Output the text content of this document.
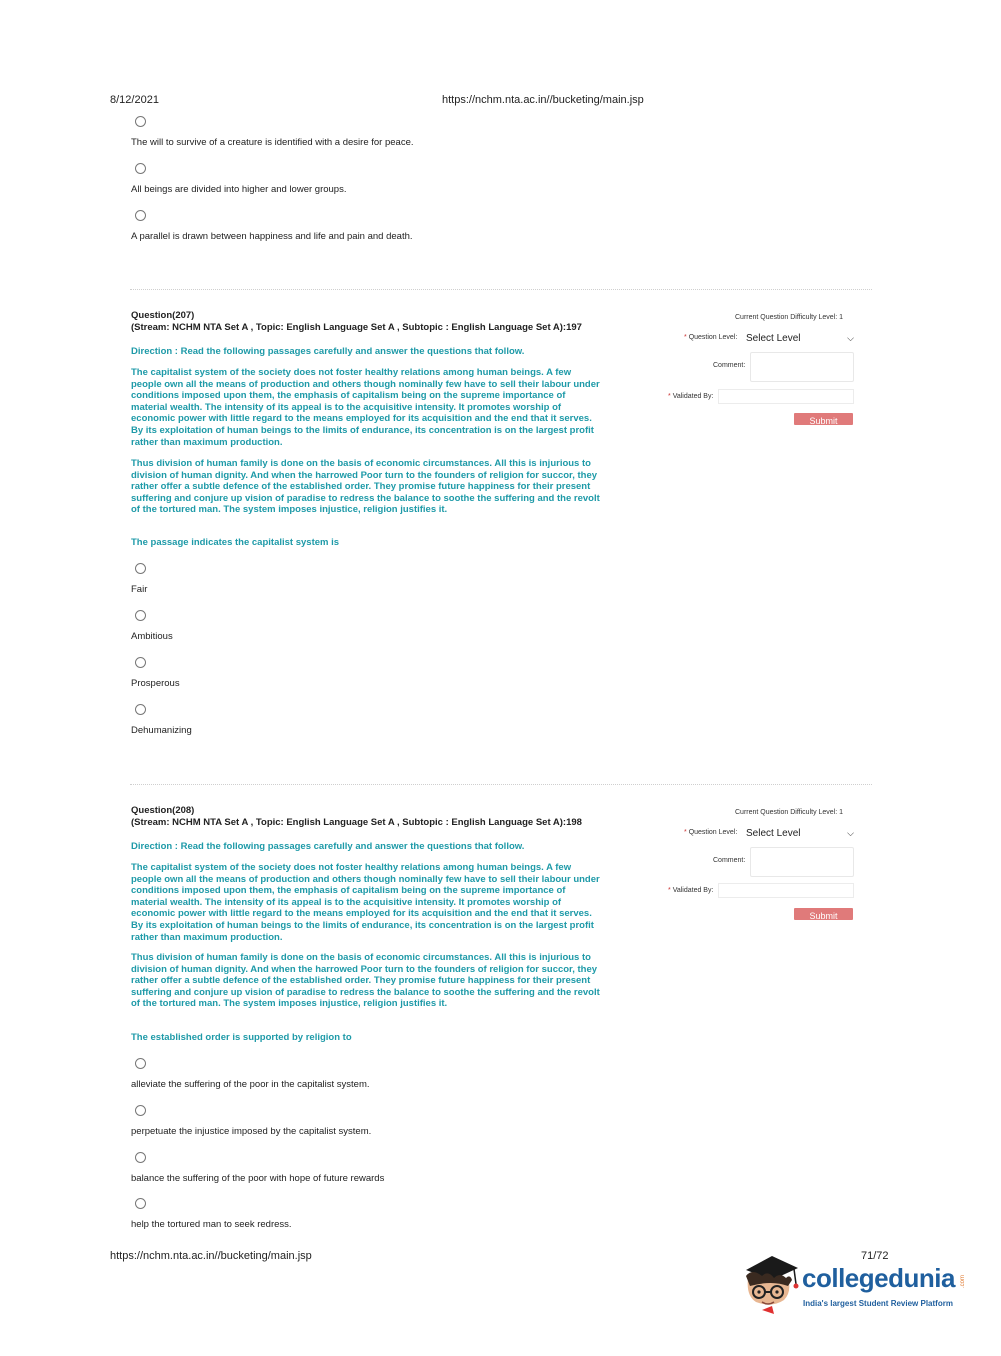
8/12/2021	https://nchm.nta.ac.in//bucketing/main.jsp
The will to survive of a creature is identified with a desire for peace.
All beings are divided into higher and lower groups.
A parallel is drawn between happiness and life and pain and death.
Question(207)
(Stream: NCHM NTA Set A , Topic: English Language Set A , Subtopic : English Language Set A):197
Direction : Read the following passages carefully and answer the questions that follow.
The capitalist system of the society does not foster healthy relations among human beings. A few people own all the means of production and others though nominally few have to sell their labour under conditions imposed upon them, the emphasis of capitalism being on the supreme importance of material wealth. The intensity of its appeal is to the acquisitive intensity. It promotes worship of economic power with little regard to the means employed for its acquisition and the end that it serves. By its exploitation of human beings to the limits of endurance, its concentration is on the largest profit rather than maximum production.
Thus division of human family is done on the basis of economic circumstances. All this is injurious to division of human dignity. And when the harrowed Poor turn to the founders of religion for succor, they rather offer a subtle defence of the established order. They promise future happiness for their present suffering and conjure up vision of paradise to redress the balance to soothe the suffering and the revolt of the tortured man. The system imposes injustice, religion justifies it.
The passage indicates the capitalist system is
Fair
Ambitious
Prosperous
Dehumanizing
Current Question Difficulty Level: 1
* Question Level: Select Level	⌵
Comment:
* Validated By:
Submit
Question(208)
(Stream: NCHM NTA Set A , Topic: English Language Set A , Subtopic : English Language Set A):198
Direction : Read the following passages carefully and answer the questions that follow.
The capitalist system of the society does not foster healthy relations among human beings. A few people own all the means of production and others though nominally few have to sell their labour under conditions imposed upon them, the emphasis of capitalism being on the supreme importance of material wealth. The intensity of its appeal is to the acquisitive intensity. It promotes worship of economic power with little regard to the means employed for its acquisition and the end that it serves. By its exploitation of human beings to the limits of endurance, its concentration is on the largest profit rather than maximum production.
Thus division of human family is done on the basis of economic circumstances. All this is injurious to division of human dignity. And when the harrowed Poor turn to the founders of religion for succor, they rather offer a subtle defence of the established order. They promise future happiness for their present suffering and conjure up vision of paradise to redress the balance to soothe the suffering and the revolt of the tortured man. The system imposes injustice, religion justifies it.
The established order is supported by religion to
alleviate the suffering of the poor in the capitalist system.
perpetuate the injustice imposed by the capitalist system.
balance the suffering of the poor with hope of future rewards
help the tortured man to seek redress.
Current Question Difficulty Level: 1
* Question Level: Select Level	⌵
Comment:
* Validated By:
Submit
https://nchm.nta.ac.in//bucketing/main.jsp	71/72
collegedunia .com
India's largest Student Review Platform
